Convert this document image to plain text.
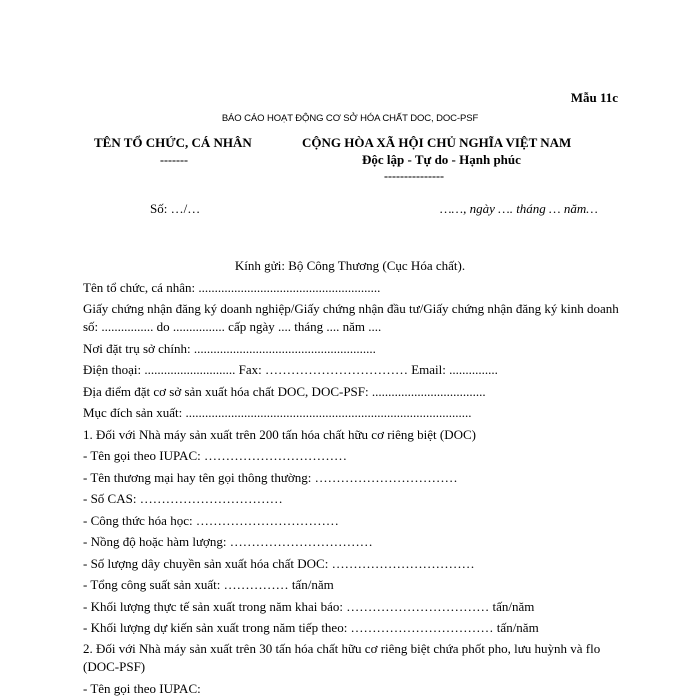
Mẫu 11c
BÁO CÁO HOẠT ĐỘNG CƠ SỞ HÓA CHẤT DOC, DOC-PSF
TÊN TỔ CHỨC, CÁ NHÂN
-------
CỘNG HÒA XÃ HỘI CHỦ NGHĨA VIỆT NAM
Độc lập - Tự do - Hạnh phúc
---------------
Số: …/…	……, ngày …. tháng … năm…
Kính gửi: Bộ Công Thương (Cục Hóa chất).
Tên tổ chức, cá nhân: ........................................................
Giấy chứng nhận đăng ký doanh nghiệp/Giấy chứng nhận đầu tư/Giấy chứng nhận đăng ký kinh doanh số: ................ do ................ cấp ngày .... tháng .... năm ....
Nơi đặt trụ sở chính: ........................................................
Điện thoại: ............................ Fax: …………………………… Email: ...............
Địa điểm đặt cơ sở sản xuất hóa chất DOC, DOC-PSF: ...................................
Mục đích sản xuất: ........................................................................................
1. Đối với Nhà máy sản xuất trên 200 tấn hóa chất hữu cơ riêng biệt (DOC)
- Tên gọi theo IUPAC: ……………………………
- Tên thương mại hay tên gọi thông thường: ……………………………
- Số CAS: ……………………………
- Công thức hóa học: ……………………………
- Nồng độ hoặc hàm lượng: ……………………………
- Số lượng dây chuyền sản xuất hóa chất DOC: ……………………………
- Tổng công suất sản xuất: …………… tấn/năm
- Khối lượng thực tế sản xuất trong năm khai báo: …………………………… tấn/năm
- Khối lượng dự kiến sản xuất trong năm tiếp theo: …………………………… tấn/năm
2. Đối với Nhà máy sản xuất trên 30 tấn hóa chất hữu cơ riêng biệt chứa phốt pho, lưu huỳnh và flo (DOC-PSF)
- Tên gọi theo IUPAC:
